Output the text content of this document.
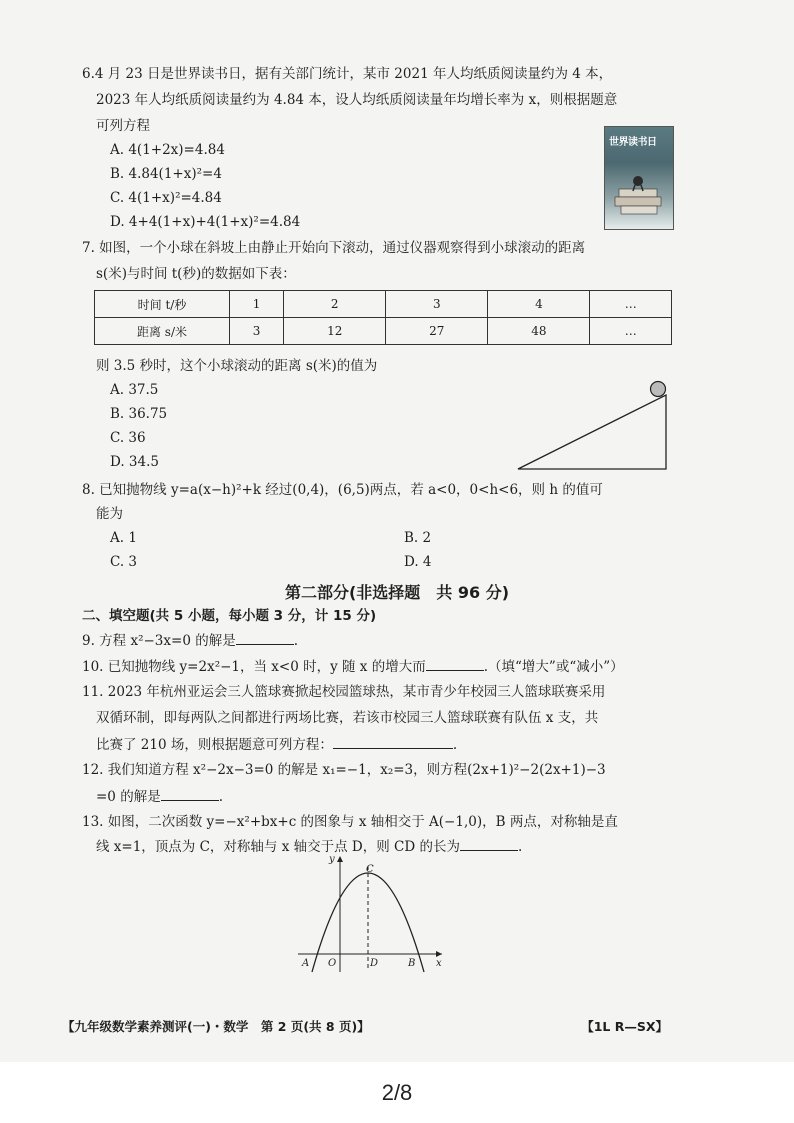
6.4 月 23 日是世界读书日，据有关部门统计，某市 2021 年人均纸质阅读量约为 4 本，
2023 年人均纸质阅读量约为 4.84 本，设人均纸质阅读量年均增长率为 x，则根据题意
可列方程
A. 4(1+2x)=4.84
B. 4.84(1+x)²=4
C. 4(1+x)²=4.84
D. 4+4(1+x)+4(1+x)²=4.84
世界读书日
7. 如图，一个小球在斜坡上由静止开始向下滚动，通过仪器观察得到小球滚动的距离
s(米)与时间 t(秒)的数据如下表：
时间 t/秒	1	2	3	4	…
距离 s/米	3	12	27	48	…
则 3.5 秒时，这个小球滚动的距离 s(米)的值为
A. 37.5
B. 36.75
C. 36
D. 34.5
8. 已知抛物线 y=a(x−h)²+k 经过(0,4)，(6,5)两点，若 a<0，0<h<6，则 h 的值可
能为
A. 1	B. 2
C. 3	D. 4
第二部分(非选择题　共 96 分)
二、填空题(共 5 小题，每小题 3 分，计 15 分)
9. 方程 x²−3x=0 的解是	.
10. 已知抛物线 y=2x²−1，当 x<0 时，y 随 x 的增大而	.（填“增大”或“减小”）
11. 2023 年杭州亚运会三人篮球赛掀起校园篮球热，某市青少年校园三人篮球联赛采用
双循环制，即每两队之间都进行两场比赛，若该市校园三人篮球联赛有队伍 x 支，共
比赛了 210 场，则根据题意可列方程：	.
12. 我们知道方程 x²−2x−3=0 的解是 x₁=−1，x₂=3，则方程(2x+1)²−2(2x+1)−3
=0 的解是	.
13. 如图，二次函数 y=−x²+bx+c 的图象与 x 轴相交于 A(−1,0)，B 两点，对称轴是直
线 x=1，顶点为 C，对称轴与 x 轴交于点 D，则 CD 的长为	.
y
x
C
A O	D	B
【九年级数学素养测评(一)・数学　第 2 页(共 8 页)】	【1L R—SX】
2/8
